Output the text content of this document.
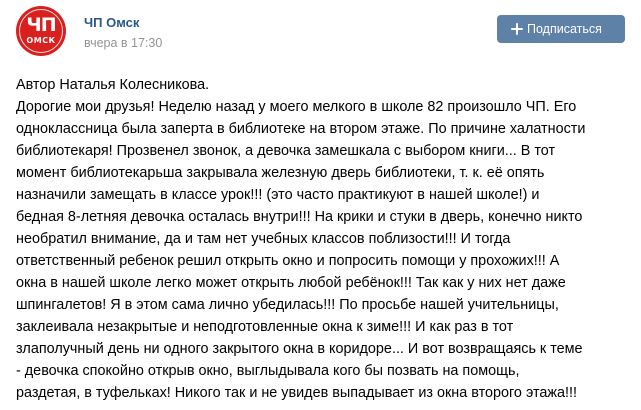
ЧП
ОМСК
ЧП Омск
вчера в 17:30
Подписаться
Автор Наталья Колесникова.
Дорогие мои друзья! Неделю назад у моего мелкого в школе 82 произошло ЧП. Его
одноклассница была заперта в библиотеке на втором этаже. По причине халатности
библиотекаря! Прозвенел звонок, а девочка замешкала с выбором книги... В тот
момент библиотекарьша закрывала железную дверь библиотеки, т. к. её опять
назначили замещать в классе урок!!! (это часто практикуют в нашей школе!) и
бедная 8-летняя девочка осталась внутри!!! На крики и стуки в дверь, конечно никто
необратил внимание, да и там нет учебных классов поблизости!!! И тогда
ответственный ребенок решил открыть окно и попросить помощи у прохожих!!! А
окна в нашей школе легко может открыть любой ребёнок!!! Так как у них нет даже
шпингалетов! Я в этом сама лично убедилась!!! По просьбе нашей учительницы,
заклеивала незакрытые и неподготовленные окна к зиме!!! И как раз в тот
злаполучный день ни одного закрытого окна в коридоре... И вот возвращаясь к теме
- девочка спокойно открыв окно, выглыдывала кого бы позвать на помощь,
раздетая, в туфельках! Никого так и не увидев выпадывает из окна второго этажа!!!
